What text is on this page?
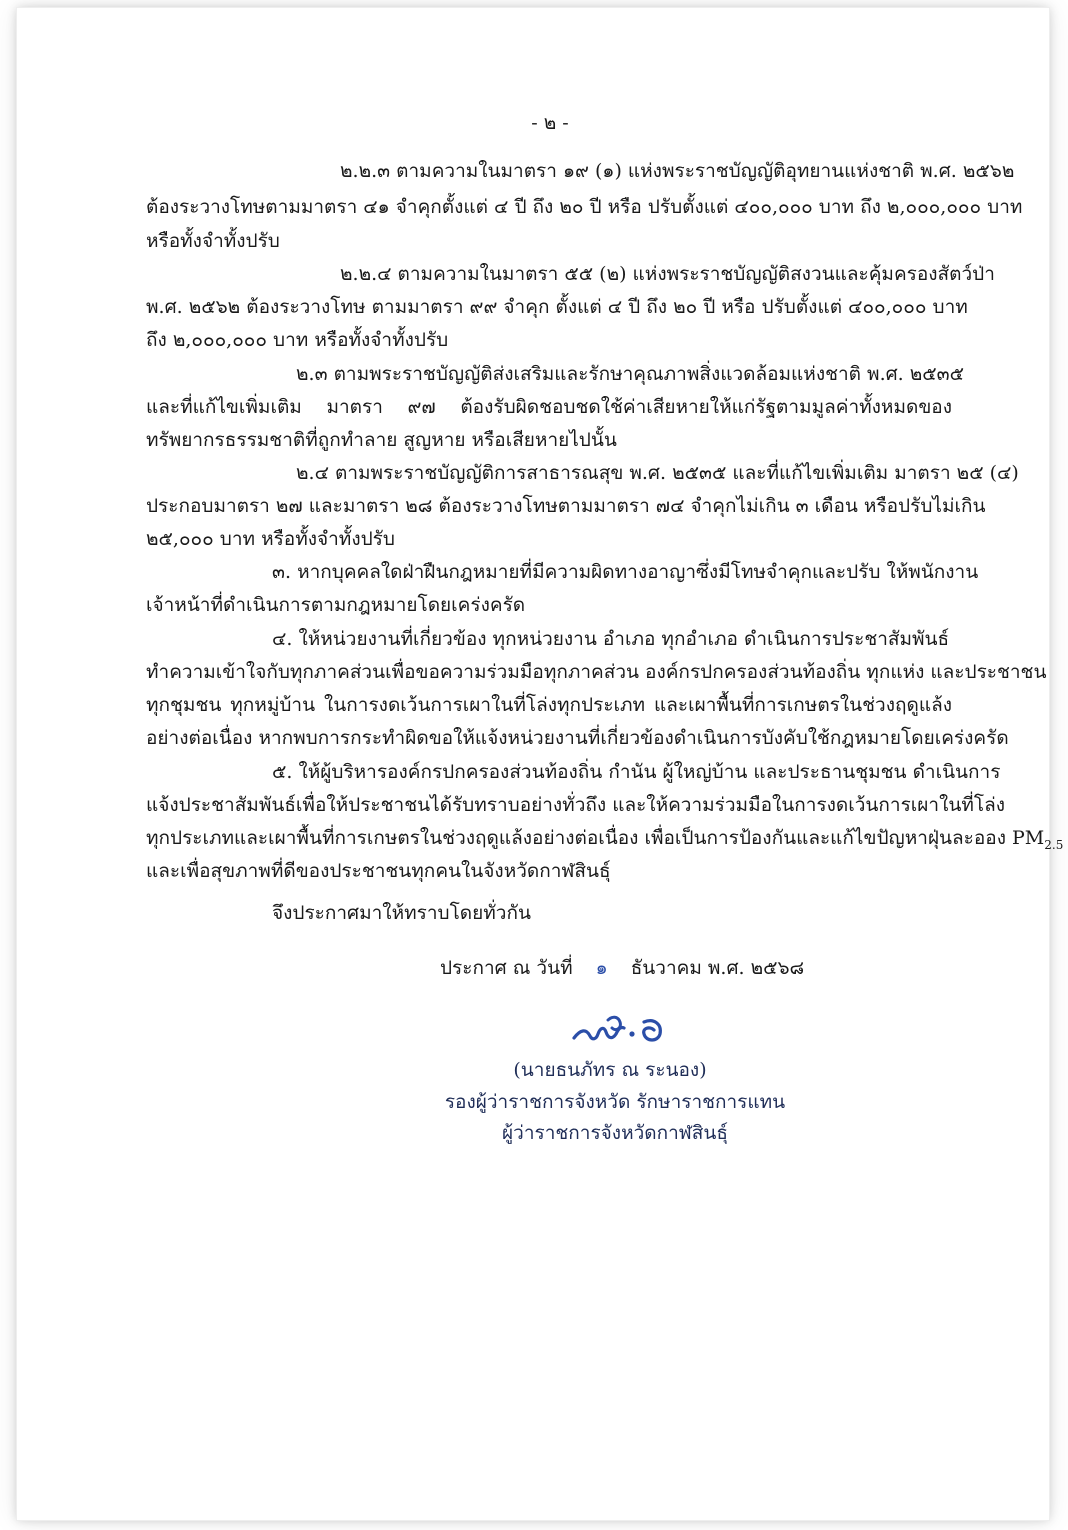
- ๒ -
๒.๒.๓ ตามความในมาตรา ๑๙ (๑) แห่งพระราชบัญญัติอุทยานแห่งชาติ พ.ศ. ๒๕๖๒
ต้องระวางโทษตามมาตรา ๔๑ จำคุกตั้งแต่ ๔ ปี ถึง ๒๐ ปี หรือ ปรับตั้งแต่ ๔๐๐,๐๐๐ บาท ถึง ๒,๐๐๐,๐๐๐ บาท
หรือทั้งจำทั้งปรับ
๒.๒.๔ ตามความในมาตรา ๕๕ (๒) แห่งพระราชบัญญัติสงวนและคุ้มครองสัตว์ป่า
พ.ศ. ๒๕๖๒ ต้องระวางโทษ ตามมาตรา ๙๙ จำคุก ตั้งแต่ ๔ ปี ถึง ๒๐ ปี หรือ ปรับตั้งแต่ ๔๐๐,๐๐๐ บาท
ถึง ๒,๐๐๐,๐๐๐ บาท หรือทั้งจำทั้งปรับ
๒.๓ ตามพระราชบัญญัติส่งเสริมและรักษาคุณภาพสิ่งแวดล้อมแห่งชาติ พ.ศ. ๒๕๓๕
และที่แก้ไขเพิ่มเติม มาตรา ๙๗ ต้องรับผิดชอบชดใช้ค่าเสียหายให้แก่รัฐตามมูลค่าทั้งหมดของ
ทรัพยากรธรรมชาติที่ถูกทำลาย สูญหาย หรือเสียหายไปนั้น
๒.๔ ตามพระราชบัญญัติการสาธารณสุข พ.ศ. ๒๕๓๕ และที่แก้ไขเพิ่มเติม มาตรา ๒๕ (๔)
ประกอบมาตรา ๒๗ และมาตรา ๒๘ ต้องระวางโทษตามมาตรา ๗๔ จำคุกไม่เกิน ๓ เดือน หรือปรับไม่เกิน
๒๕,๐๐๐ บาท หรือทั้งจำทั้งปรับ
๓. หากบุคคลใดฝ่าฝืนกฎหมายที่มีความผิดทางอาญาซึ่งมีโทษจำคุกและปรับ ให้พนักงาน
เจ้าหน้าที่ดำเนินการตามกฎหมายโดยเคร่งครัด
๔. ให้หน่วยงานที่เกี่ยวข้อง ทุกหน่วยงาน อำเภอ ทุกอำเภอ ดำเนินการประชาสัมพันธ์
ทำความเข้าใจกับทุกภาคส่วนเพื่อขอความร่วมมือทุกภาคส่วน องค์กรปกครองส่วนท้องถิ่น ทุกแห่ง และประชาชน
ทุกชุมชน ทุกหมู่บ้าน ในการงดเว้นการเผาในที่โล่งทุกประเภท และเผาพื้นที่การเกษตรในช่วงฤดูแล้ง
อย่างต่อเนื่อง หากพบการกระทำผิดขอให้แจ้งหน่วยงานที่เกี่ยวข้องดำเนินการบังคับใช้กฎหมายโดยเคร่งครัด
๕. ให้ผู้บริหารองค์กรปกครองส่วนท้องถิ่น กำนัน ผู้ใหญ่บ้าน และประธานชุมชน ดำเนินการ
แจ้งประชาสัมพันธ์เพื่อให้ประชาชนได้รับทราบอย่างทั่วถึง และให้ความร่วมมือในการงดเว้นการเผาในที่โล่ง
ทุกประเภทและเผาพื้นที่การเกษตรในช่วงฤดูแล้งอย่างต่อเนื่อง เพื่อเป็นการป้องกันและแก้ไขปัญหาฝุ่นละออง $PM_{2.5}$
และเพื่อสุขภาพที่ดีของประชาชนทุกคนในจังหวัดกาฬสินธุ์
จึงประกาศมาให้ทราบโดยทั่วกัน
ประกาศ ณ วันที่ ๑ ธันวาคม พ.ศ. ๒๕๖๘
(นายธนภัทร ณ ระนอง)
รองผู้ว่าราชการจังหวัด รักษาราชการแทน
ผู้ว่าราชการจังหวัดกาฬสินธุ์
